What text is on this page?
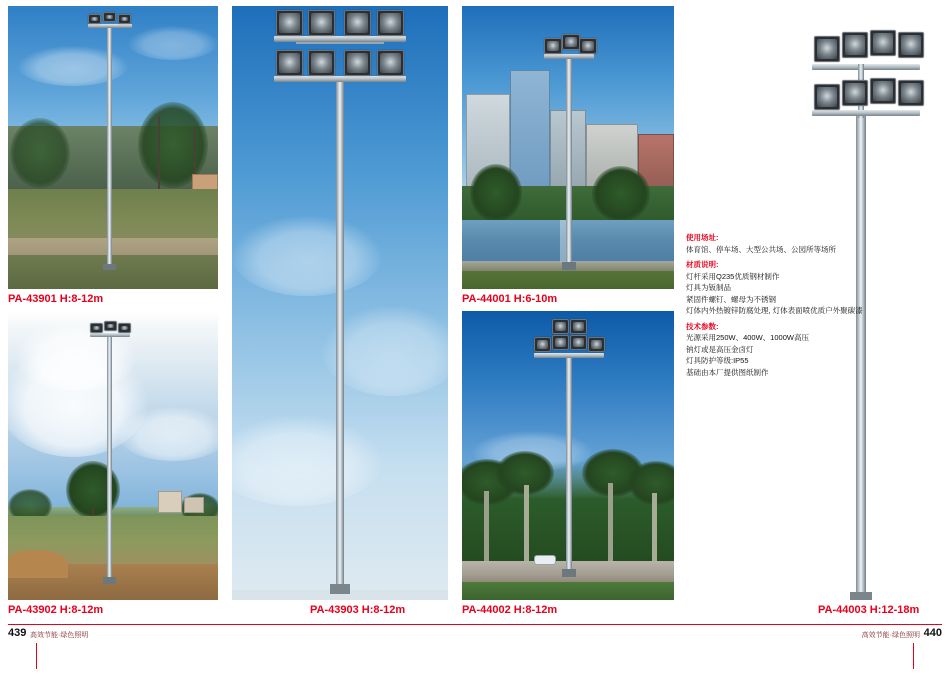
PA-43901 H:8-12m
PA-43902 H:8-12m	PA-43903 H:8-12m
PA-44001 H:6-10m
PA-44002 H:8-12m	PA-44003 H:12-18m
使用场址:
体育馆、停车场、大型公共场、公园所等场所
材质说明:
灯杆采用Q235优质钢材制作
灯具为钣制品
紧固件螺钉、螺母为不锈钢
灯体内外热镀锌防腐处理, 灯体表面喷优质户外聚碳漆
技术参数:
光源采用250W、400W、1000W高压
钠灯或是高压金卤灯
灯具防护等级:IP55
基础由本厂提供图纸制作
439 高效节能·绿色照明	440
高效节能·绿色照明
